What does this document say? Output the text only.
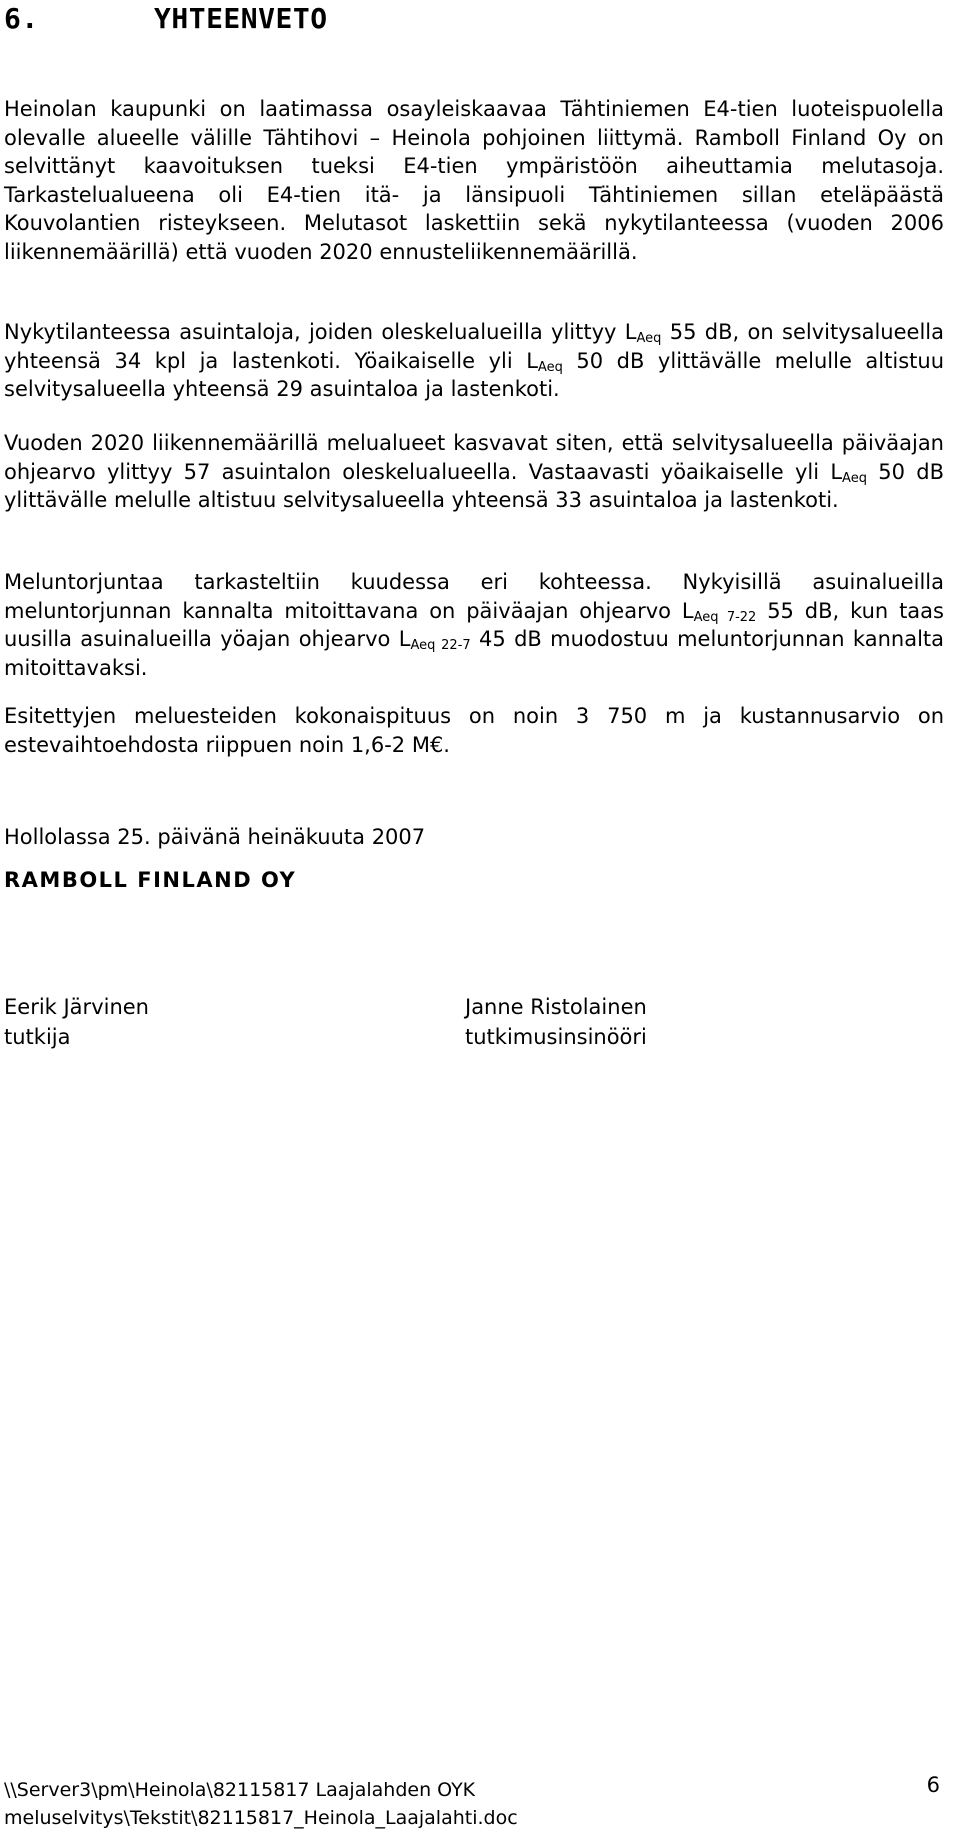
6.	YHTEENVETO

Heinolan kaupunki on laatimassa osayleiskaavaa Tähtiniemen E4-tien luoteispuolella olevalle alueelle välille Tähtihovi – Heinola pohjoinen liittymä. Ramboll Finland Oy on selvittänyt kaavoituksen tueksi E4-tien ympäristöön aiheuttamia melutasoja. Tarkastelualueena oli E4-tien itä- ja länsipuoli Tähtiniemen sillan eteläpäästä Kouvolantien risteykseen. Melutasot laskettiin sekä nykytilanteessa (vuoden 2006 liikennemäärillä) että vuoden 2020 ennusteliikennemäärillä.

Nykytilanteessa asuintaloja, joiden oleskelualueilla ylittyy $L_{Aeq}$ 55 dB, on selvitysalueella yhteensä 34 kpl ja lastenkoti. Yöaikaiselle yli $L_{Aeq}$ 50 dB ylittävälle melulle altistuu selvitysalueella yhteensä 29 asuintaloa ja lastenkoti.

Vuoden 2020 liikennemäärillä melualueet kasvavat siten, että selvitysalueella päiväajan ohjearvo ylittyy 57 asuintalon oleskelualueella. Vastaavasti yöaikaiselle yli $L_{Aeq}$ 50 dB ylittävälle melulle altistuu selvitysalueella yhteensä 33 asuintaloa ja lastenkoti.

Meluntorjuntaa tarkasteltiin kuudessa eri kohteessa. Nykyisillä asuinalueilla meluntorjunnan kannalta mitoittavana on päiväajan ohjearvo $L_{Aeq 7-22}$ 55 dB, kun taas uusilla asuinalueilla yöajan ohjearvo $L_{Aeq 22-7}$ 45 dB muodostuu meluntorjunnan kannalta mitoittavaksi.

Esitettyjen meluesteiden kokonaispituus on noin 3 750 m ja kustannusarvio on estevaihtoehdosta riippuen noin 1,6-2 M€.

Hollolassa 25. päivänä heinäkuuta 2007

RAMBOLL FINLAND OY

Eerik Järvinen
tutkija
Janne Ristolainen
tutkimusinsinööri
\\Server3\pm\Heinola\82115817 Laajalahden OYK
meluselvitys\Tekstit\82115817_Heinola_Laajalahti.doc
6
